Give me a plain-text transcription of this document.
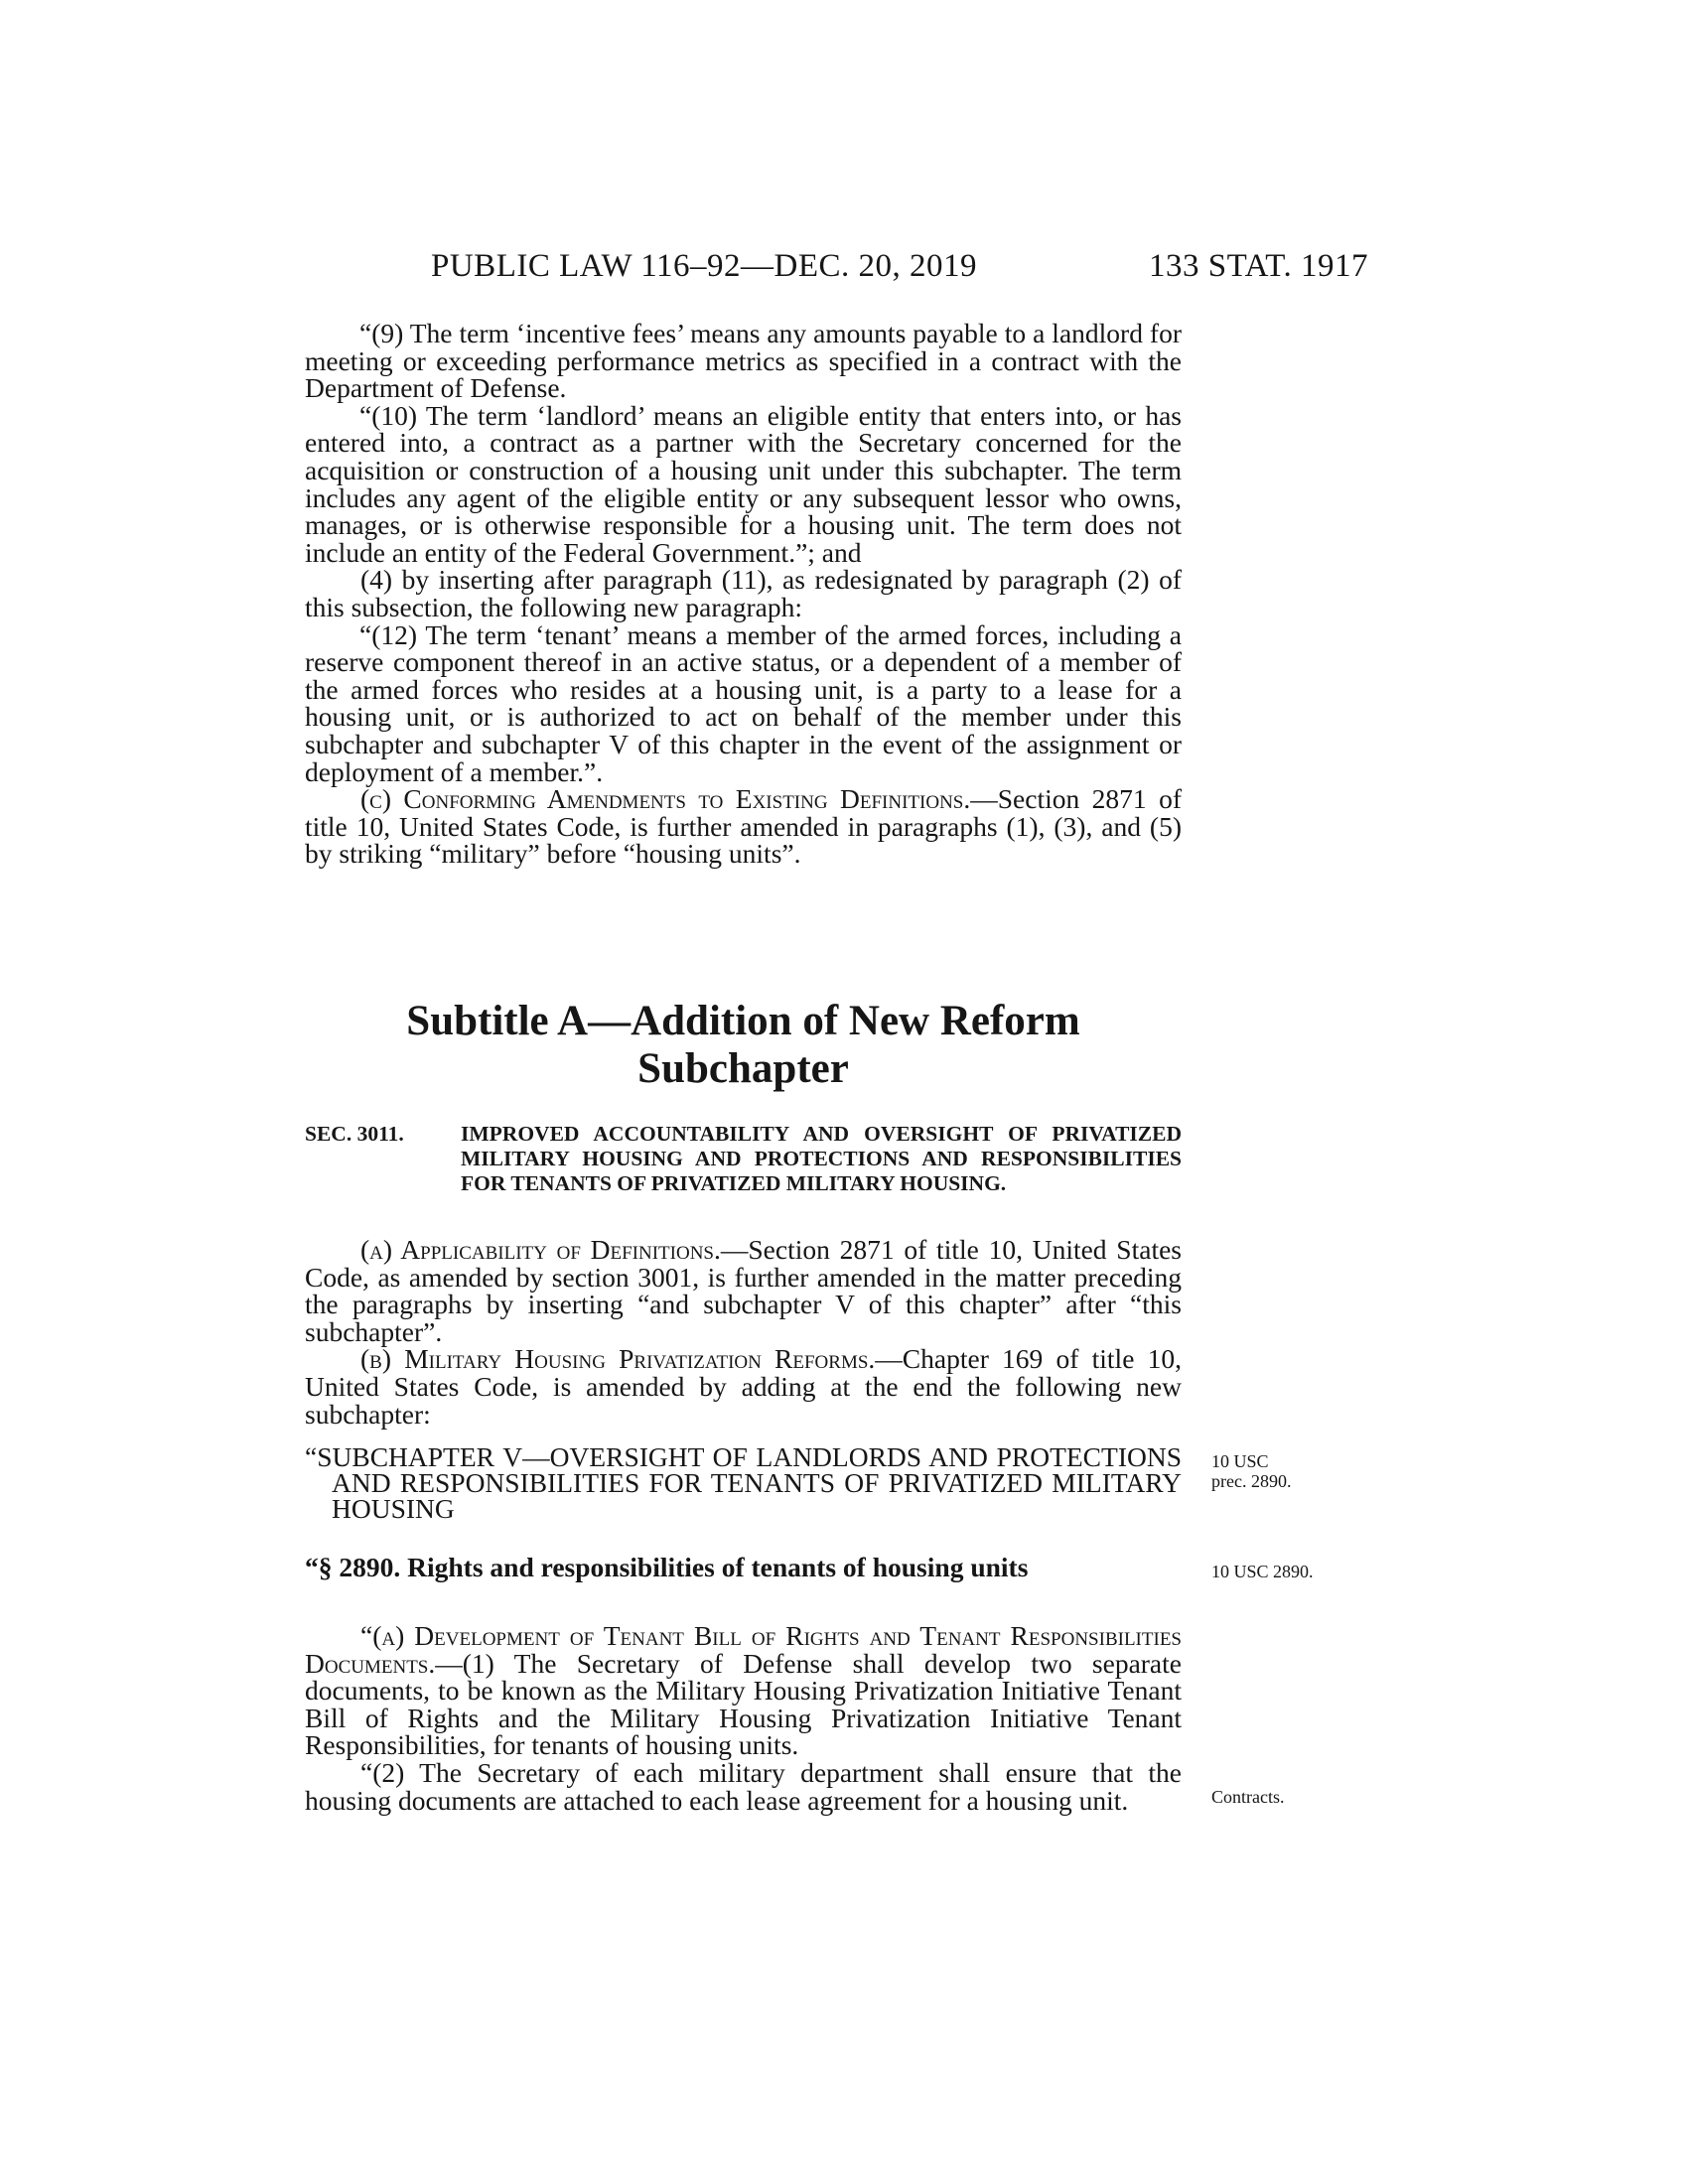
PUBLIC LAW 116–92—DEC. 20, 2019	133 STAT. 1917

“(9) The term ‘incentive fees’ means any amounts payable to a landlord for meeting or exceeding performance metrics as specified in a contract with the Department of Defense.

“(10) The term ‘landlord’ means an eligible entity that enters into, or has entered into, a contract as a partner with the Secretary concerned for the acquisition or construction of a housing unit under this subchapter. The term includes any agent of the eligible entity or any subsequent lessor who owns, manages, or is otherwise responsible for a housing unit. The term does not include an entity of the Federal Government.”; and

(4) by inserting after paragraph (11), as redesignated by paragraph (2) of this subsection, the following new paragraph:

“(12) The term ‘tenant’ means a member of the armed forces, including a reserve component thereof in an active status, or a dependent of a member of the armed forces who resides at a housing unit, is a party to a lease for a housing unit, or is authorized to act on behalf of the member under this subchapter and subchapter V of this chapter in the event of the assignment or deployment of a member.”.

(c) Conforming Amendments to Existing Definitions.—Section 2871 of title 10, United States Code, is further amended in paragraphs (1), (3), and (5) by striking “military” before “housing units”.

Subtitle A—Addition of New Reform Subchapter
SEC. 3011.	IMPROVED ACCOUNTABILITY AND OVERSIGHT OF PRIVATIZED MILITARY HOUSING AND PROTECTIONS AND RESPONSIBILITIES FOR TENANTS OF PRIVATIZED MILITARY HOUSING.

(a) Applicability of Definitions.—Section 2871 of title 10, United States Code, as amended by section 3001, is further amended in the matter preceding the paragraphs by inserting “and subchapter V of this chapter” after “this subchapter”.

(b) Military Housing Privatization Reforms.—Chapter 169 of title 10, United States Code, is amended by adding at the end the following new subchapter:

“SUBCHAPTER V—OVERSIGHT OF LANDLORDS AND PROTECTIONS AND RESPONSIBILITIES FOR TENANTS OF PRIVATIZED MILITARY HOUSING

“§ 2890. Rights and responsibilities of tenants of housing units

“(a) Development of Tenant Bill of Rights and Tenant Responsibilities Documents.—(1) The Secretary of Defense shall develop two separate documents, to be known as the Military Housing Privatization Initiative Tenant Bill of Rights and the Military Housing Privatization Initiative Tenant Responsibilities, for tenants of housing units.

“(2) The Secretary of each military department shall ensure that the housing documents are attached to each lease agreement for a housing unit.

10 USC
prec. 2890.
10 USC 2890.
Contracts.
